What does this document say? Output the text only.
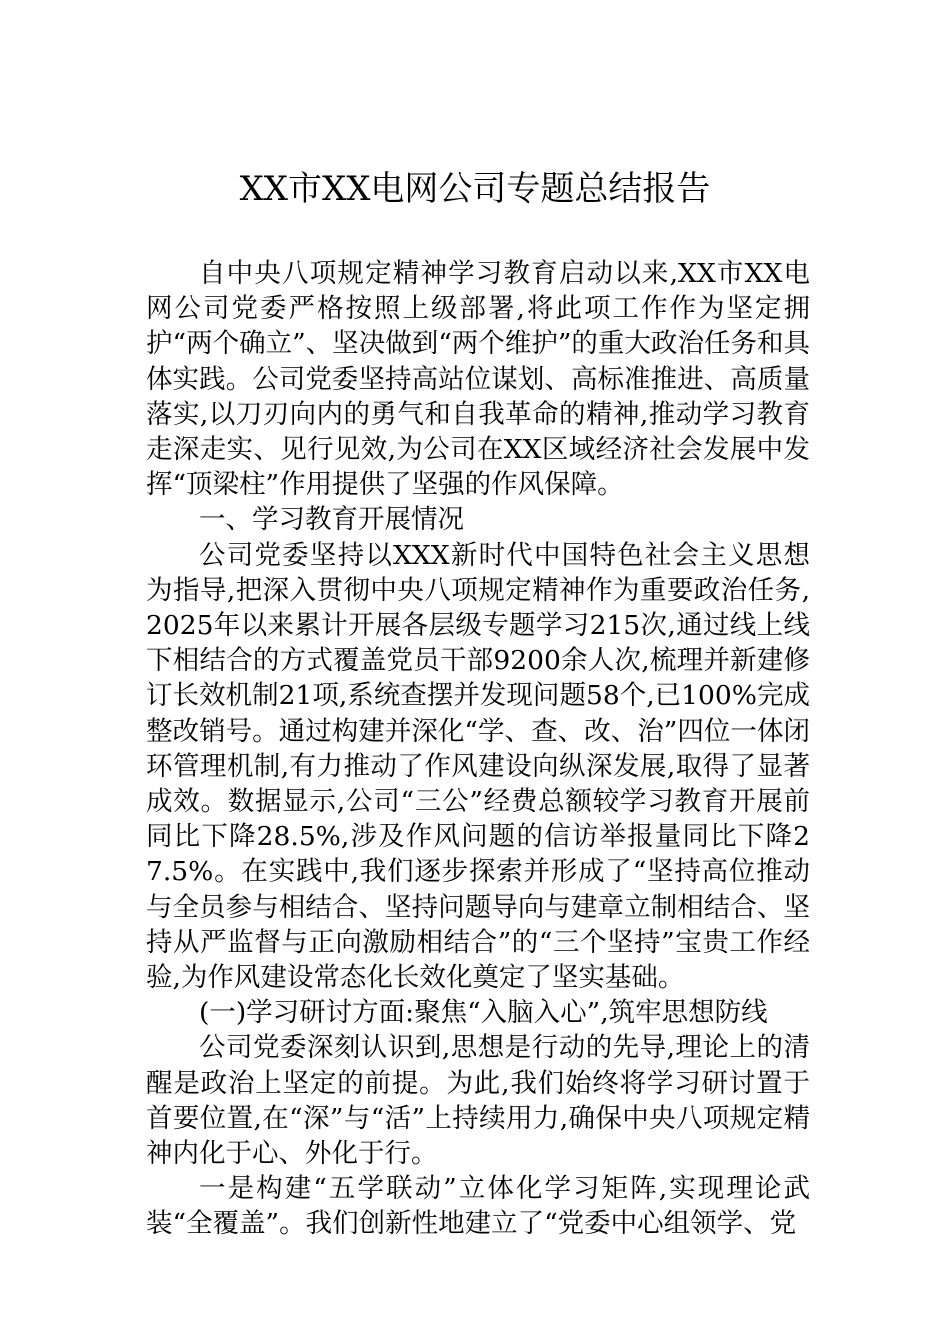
XX市XX电网公司专题总结报告

自中央八项规定精神学习教育启动以来,XX市XX电网公司党委严格按照上级部署,将此项工作作为坚定拥护“两个确立”、坚决做到“两个维护”的重大政治任务和具体实践。公司党委坚持高站位谋划、高标准推进、高质量落实,以刀刃向内的勇气和自我革命的精神,推动学习教育走深走实、见行见效,为公司在XX区域经济社会发展中发挥“顶梁柱”作用提供了坚强的作风保障。

一、学习教育开展情况

公司党委坚持以XXX新时代中国特色社会主义思想为指导,把深入贯彻中央八项规定精神作为重要政治任务,2025年以来累计开展各层级专题学习215次,通过线上线下相结合的方式覆盖党员干部9200余人次,梳理并新建修订长效机制21项,系统查摆并发现问题58个,已100%完成整改销号。通过构建并深化“学、查、改、治”四位一体闭环管理机制,有力推动了作风建设向纵深发展,取得了显著成效。数据显示,公司“三公”经费总额较学习教育开展前同比下降28.5%,涉及作风问题的信访举报量同比下降27.5%。在实践中,我们逐步探索并形成了“坚持高位推动与全员参与相结合、坚持问题导向与建章立制相结合、坚持从严监督与正向激励相结合”的“三个坚持”宝贵工作经验,为作风建设常态化长效化奠定了坚实基础。

(一)学习研讨方面:聚焦“入脑入心”,筑牢思想防线

公司党委深刻认识到,思想是行动的先导,理论上的清醒是政治上坚定的前提。为此,我们始终将学习研讨置于首要位置,在“深”与“活”上持续用力,确保中央八项规定精神内化于心、外化于行。

一是构建“五学联动”立体化学习矩阵,实现理论武装“全覆盖”。我们创新性地建立了“党委中心组领学、党
